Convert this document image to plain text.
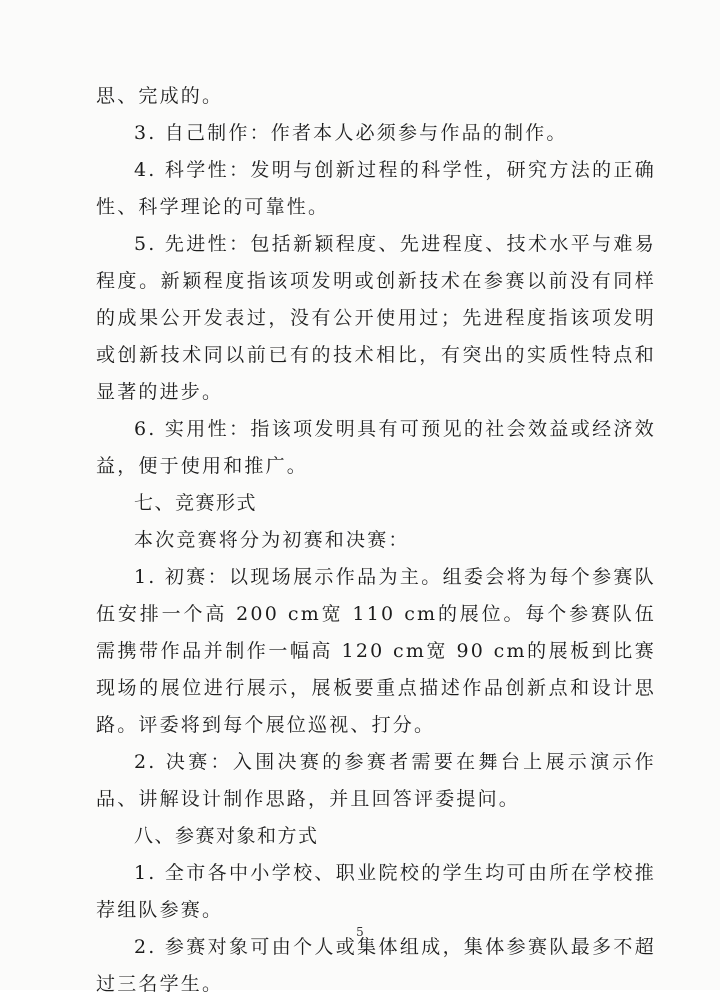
思、完成的。

3. 自己制作：作者本人必须参与作品的制作。

4. 科学性：发明与创新过程的科学性，研究方法的正确性、科学理论的可靠性。

5. 先进性：包括新颖程度、先进程度、技术水平与难易程度。新颖程度指该项发明或创新技术在参赛以前没有同样的成果公开发表过，没有公开使用过；先进程度指该项发明或创新技术同以前已有的技术相比，有突出的实质性特点和显著的进步。

6. 实用性：指该项发明具有可预见的社会效益或经济效益，便于使用和推广。

七、竞赛形式

本次竞赛将分为初赛和决赛：

1. 初赛：以现场展示作品为主。组委会将为每个参赛队伍安排一个高 200 cm宽 110 cm的展位。每个参赛队伍需携带作品并制作一幅高 120 cm宽 90 cm的展板到比赛现场的展位进行展示，展板要重点描述作品创新点和设计思路。评委将到每个展位巡视、打分。

2. 决赛：入围决赛的参赛者需要在舞台上展示演示作品、讲解设计制作思路，并且回答评委提问。

八、参赛对象和方式

1. 全市各中小学校、职业院校的学生均可由所在学校推荐组队参赛。

2. 参赛对象可由个人或集体组成，集体参赛队最多不超过三名学生。

5
